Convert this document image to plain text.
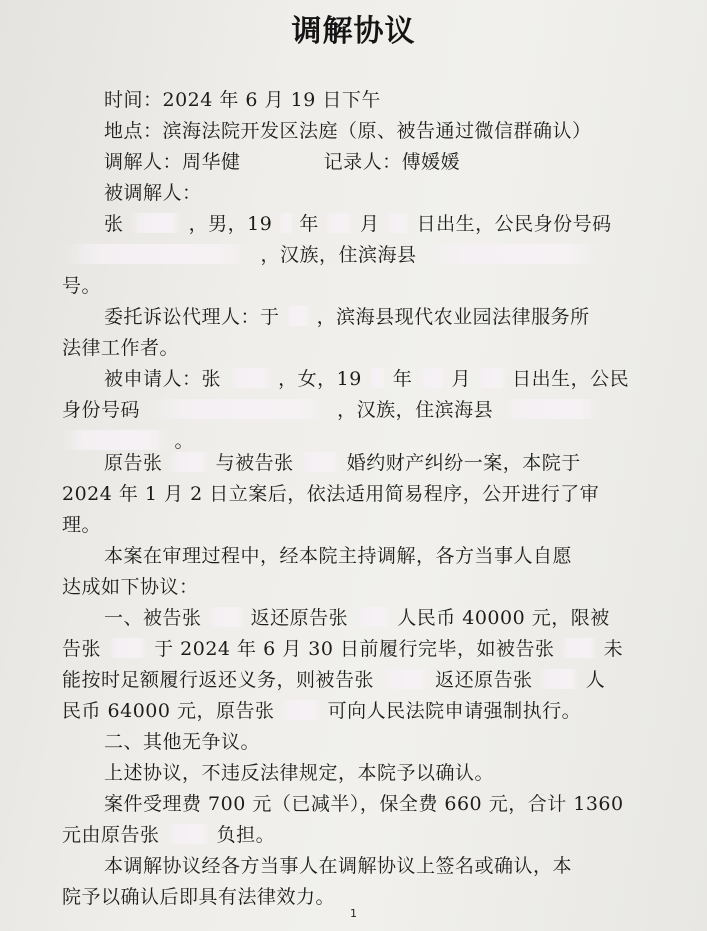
调解协议
时间：2024 年 6 月 19 日下午
地点：滨海法院开发区法庭（原、被告通过微信群确认）
调解人：周华健	记录人：傅媛媛
被调解人：
张	，男，19 年 月 日出生，公民身份号码
，汉族，住滨海县
号。
委托诉讼代理人：于 ，滨海县现代农业园法律服务所
法律工作者。
被申请人：张	，女，19 年 月 日出生，公民
身份号码	，汉族，住滨海县
。
原告张	与被告张	婚约财产纠纷一案，本院于
2024 年 1 月 2 日立案后，依法适用简易程序，公开进行了审
理。
本案在审理过程中，经本院主持调解，各方当事人自愿
达成如下协议：
一、被告张	返还原告张	人民币 40000 元，限被
告张	于 2024 年 6 月 30 日前履行完毕，如被告张	未
能按时足额履行返还义务，则被告张	返还原告张	人
民币 64000 元，原告张	可向人民法院申请强制执行。
二、其他无争议。
上述协议，不违反法律规定，本院予以确认。
案件受理费 700 元（已减半），保全费 660 元，合计 1360
元由原告张	负担。
本调解协议经各方当事人在调解协议上签名或确认，本
院予以确认后即具有法律效力。
1
